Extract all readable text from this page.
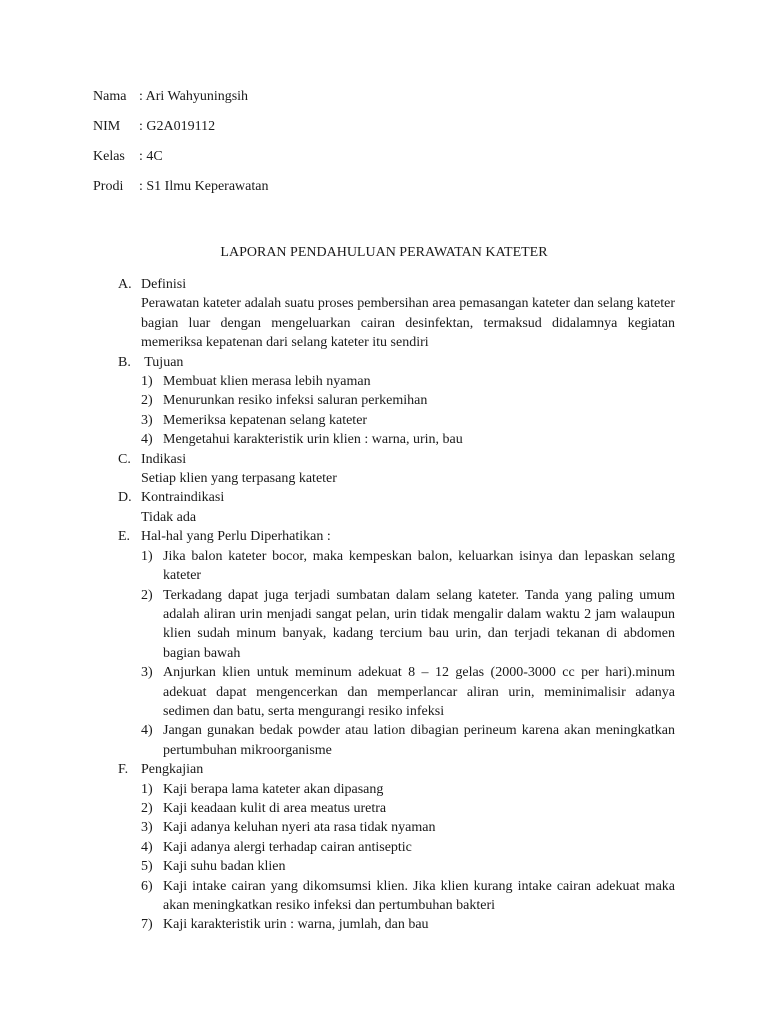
Nama : Ari Wahyuningsih
NIM : G2A019112
Kelas : 4C
Prodi : S1 Ilmu Keperawatan
LAPORAN PENDAHULUAN PERAWATAN KATETER
A. Definisi
Perawatan kateter adalah suatu proses pembersihan area pemasangan kateter dan selang kateter bagian luar dengan mengeluarkan cairan desinfektan, termaksud didalamnya kegiatan memeriksa kepatenan dari selang kateter itu sendiri
B. Tujuan
1) Membuat klien merasa lebih nyaman
2) Menurunkan resiko infeksi saluran perkemihan
3) Memeriksa kepatenan selang kateter
4) Mengetahui karakteristik urin klien : warna, urin, bau
C. Indikasi
Setiap klien yang terpasang kateter
D. Kontraindikasi
Tidak ada
E. Hal-hal yang Perlu Diperhatikan :
1) Jika balon kateter bocor, maka kempeskan balon, keluarkan isinya dan lepaskan selang kateter
2) Terkadang dapat juga terjadi sumbatan dalam selang kateter. Tanda yang paling umum adalah aliran urin menjadi sangat pelan, urin tidak mengalir dalam waktu 2 jam walaupun klien sudah minum banyak, kadang tercium bau urin, dan terjadi tekanan di abdomen bagian bawah
3) Anjurkan klien untuk meminum adekuat 8 – 12 gelas (2000-3000 cc per hari).minum adekuat dapat mengencerkan dan memperlancar aliran urin, meminimalisir adanya sedimen dan batu, serta mengurangi resiko infeksi
4) Jangan gunakan bedak powder atau lation dibagian perineum karena akan meningkatkan pertumbuhan mikroorganisme
F. Pengkajian
1) Kaji berapa lama kateter akan dipasang
2) Kaji keadaan kulit di area meatus uretra
3) Kaji adanya keluhan nyeri ata rasa tidak nyaman
4) Kaji adanya alergi terhadap cairan antiseptic
5) Kaji suhu badan klien
6) Kaji intake cairan yang dikomsumsi klien. Jika klien kurang intake cairan adekuat maka akan meningkatkan resiko infeksi dan pertumbuhan bakteri
7) Kaji karakteristik urin : warna, jumlah, dan bau
